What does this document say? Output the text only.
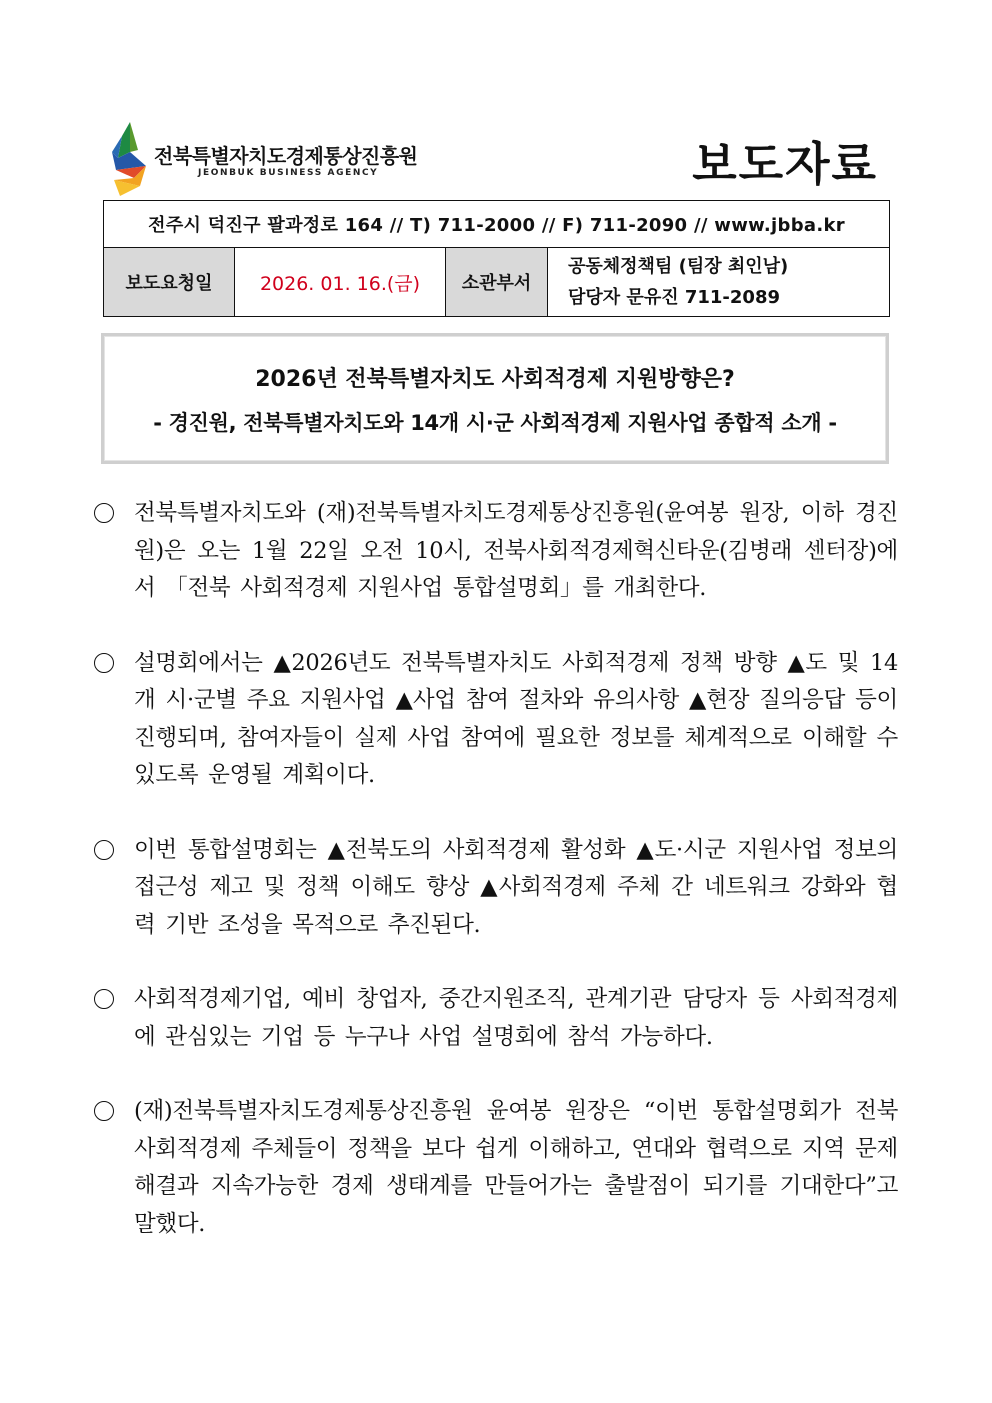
전북특별자치도경제통상진흥원
JEONBUK BUSINESS AGENCY	보도자료
전주시 덕진구 팔과정로 164 // T) 711-2000 // F) 711-2090 // www.jbba.kr
보도요청일	2026. 01. 16.(금)	소관부서	
공동체정책팀 (팀장 최인남)
담당자 문유진 711-2089
2026년 전북특별자치도 사회적경제 지원방향은?
- 경진원, 전북특별자치도와 14개 시·군 사회적경제 지원사업 종합적 소개 -

전북특별자치도와 (재)전북특별자치도경제통상진흥원(윤여봉 원장, 이하 경진원)은 오는 1월 22일 오전 10시, 전북사회적경제혁신타운(김병래 센터장)에서 「전북 사회적경제 지원사업 통합설명회」를 개최한다.

설명회에서는 ▲2026년도 전북특별자치도 사회적경제 정책 방향 ▲도 및 14개 시·군별 주요 지원사업 ▲사업 참여 절차와 유의사항 ▲현장 질의응답 등이 진행되며, 참여자들이 실제 사업 참여에 필요한 정보를 체계적으로 이해할 수 있도록 운영될 계획이다.

이번 통합설명회는 ▲전북도의 사회적경제 활성화 ▲도·시군 지원사업 정보의 접근성 제고 및 정책 이해도 향상 ▲사회적경제 주체 간 네트워크 강화와 협력 기반 조성을 목적으로 추진된다.

사회적경제기업, 예비 창업자, 중간지원조직, 관계기관 담당자 등 사회적경제에 관심있는 기업 등 누구나 사업 설명회에 참석 가능하다.

(재)전북특별자치도경제통상진흥원 윤여봉 원장은 “이번 통합설명회가 전북 사회적경제 주체들이 정책을 보다 쉽게 이해하고, 연대와 협력으로 지역 문제 해결과 지속가능한 경제 생태계를 만들어가는 출발점이 되기를 기대한다”고 말했다.
